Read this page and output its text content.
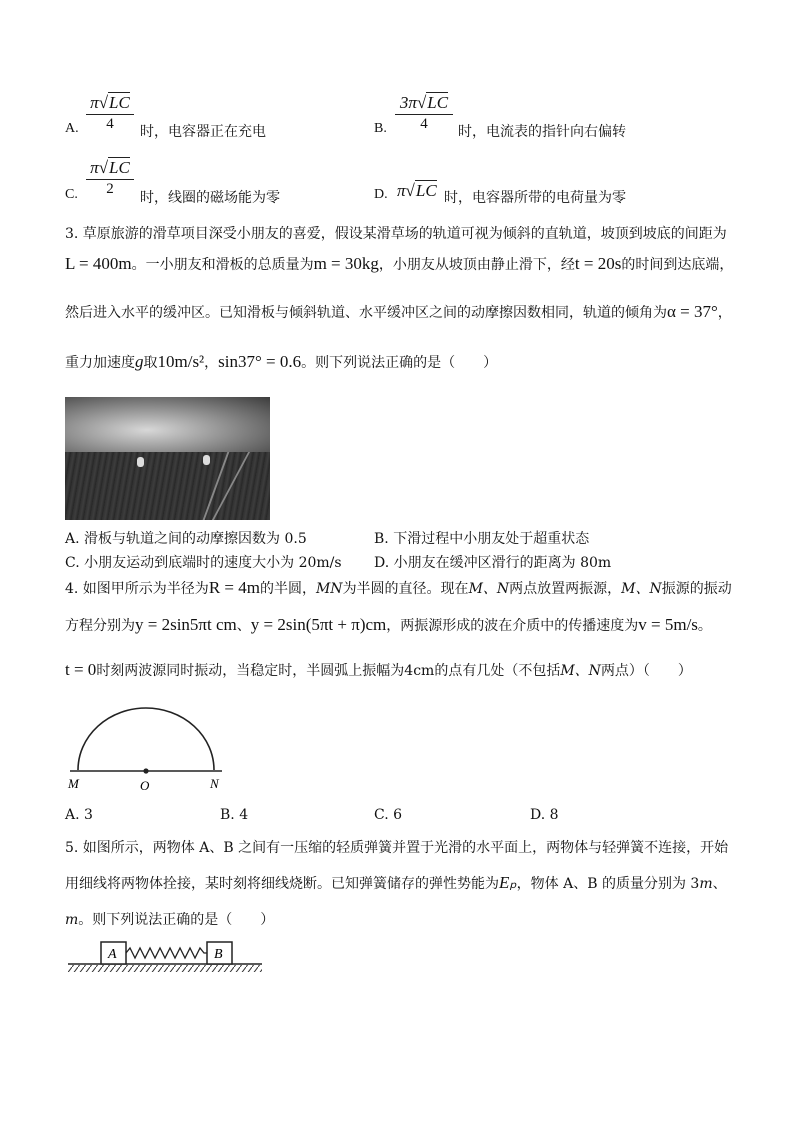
A.
π√LC
4	时，电容器正在充电	B.
3π√LC
4	时，电流表的指针向右偏转
C.
π√LC
2
时，线圈的磁场能为零	D. π√LC 时，电容器所带的电荷量为零
3. 草原旅游的滑草项目深受小朋友的喜爱，假设某滑草场的轨道可视为倾斜的直轨道，坡顶到坡底的间距为
L = 400m。一小朋友和滑板的总质量为m = 30kg，小朋友从坡顶由静止滑下，经t = 20s的时间到达底端，
然后进入水平的缓冲区。已知滑板与倾斜轨道、水平缓冲区之间的动摩擦因数相同，轨道的倾角为α = 37°，
重力加速度g取10m/s²，sin37° = 0.6。则下列说法正确的是（　　）
A. 滑板与轨道之间的动摩擦因数为 0.5	B. 下滑过程中小朋友处于超重状态
C. 小朋友运动到底端时的速度大小为 20m/s D. 小朋友在缓冲区滑行的距离为 80m
4. 如图甲所示为半径为R = 4m的半圆，MN为半圆的直径。现在M、N两点放置两振源，M、N振源的振动
方程分别为y = 2sin5πt cm、y = 2sin(5πt + π)cm，两振源形成的波在介质中的传播速度为v = 5m/s。
t = 0时刻两波源同时振动，当稳定时，半圆弧上振幅为4cm的点有几处（不包括M、N两点）（　　）
M	O	N
A. 3	B. 4	C. 6	D. 8
5. 如图所示，两物体 A、B 之间有一压缩的轻质弹簧并置于光滑的水平面上，两物体与轻弹簧不连接，开始
用细线将两物体拴接，某时刻将细线烧断。已知弹簧储存的弹性势能为Eₚ，物体 A、B 的质量分别为 3m、
m。则下列说法正确的是（　　）
A	B
